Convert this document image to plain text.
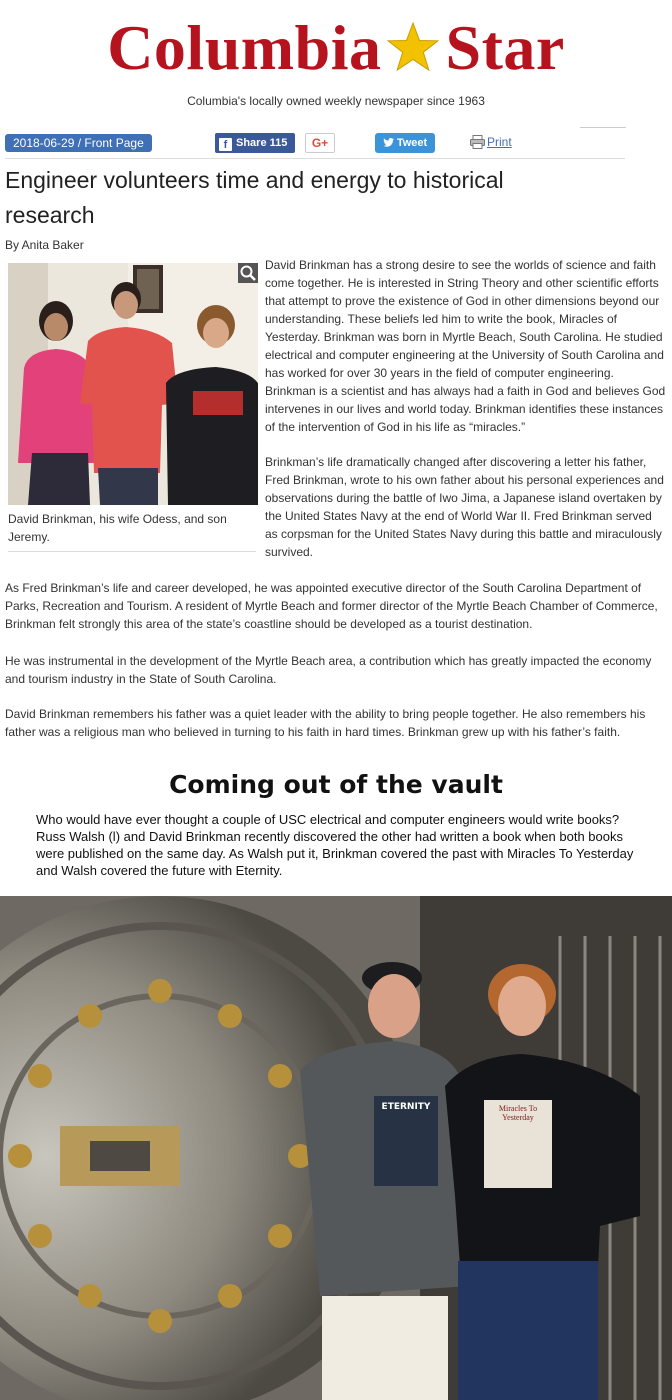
Columbia Star
Columbia's locally owned weekly newspaper since 1963
2018-06-29 / Front Page	f Share 115	G+	Tweet	Print
Engineer volunteers time and energy to historical research
By Anita Baker
David Brinkman, his wife Odess, and son Jeremy.

David Brinkman has a strong desire to see the worlds of science and faith come together. He is interested in String Theory and other scientific efforts that attempt to prove the existence of God in other dimensions beyond our understanding. These beliefs led him to write the book, Miracles of Yesterday. Brinkman was born in Myrtle Beach, South Carolina. He studied electrical and computer engineering at the University of South Carolina and has worked for over 30 years in the field of computer engineering. Brinkman is a scientist and has always had a faith in God and believes God intervenes in our lives and world today. Brinkman identifies these instances of the intervention of God in his life as “miracles.”

Brinkman’s life dramatically changed after discovering a letter his father, Fred Brinkman, wrote to his own father about his personal experiences and observations during the battle of Iwo Jima, a Japanese island overtaken by the United States Navy at the end of World War II. Fred Brinkman served as corpsman for the United States Navy during this battle and miraculously survived.

As Fred Brinkman’s life and career developed, he was appointed executive director of the South Carolina Department of Parks, Recreation and Tourism. A resident of Myrtle Beach and former director of the Myrtle Beach Chamber of Commerce, Brinkman felt strongly this area of the state’s coastline should be developed as a tourist destination.

He was instrumental in the development of the Myrtle Beach area, a contribution which has greatly impacted the economy and tourism industry in the State of South Carolina.

David Brinkman remembers his father was a quiet leader with the ability to bring people together. He also remembers his father was a religious man who believed in turning to his faith in hard times. Brinkman grew up with his father’s faith.

Coming out of the vault

Who would have ever thought a couple of USC electrical and computer engineers would write books? Russ Walsh (l) and David Brinkman recently discovered the other had written a book when both books were published on the same day. As Walsh put it, Brinkman covered the past with Miracles To Yesterday and Walsh covered the future with Eternity.

ETERNITY	Miracles To Yesterday
